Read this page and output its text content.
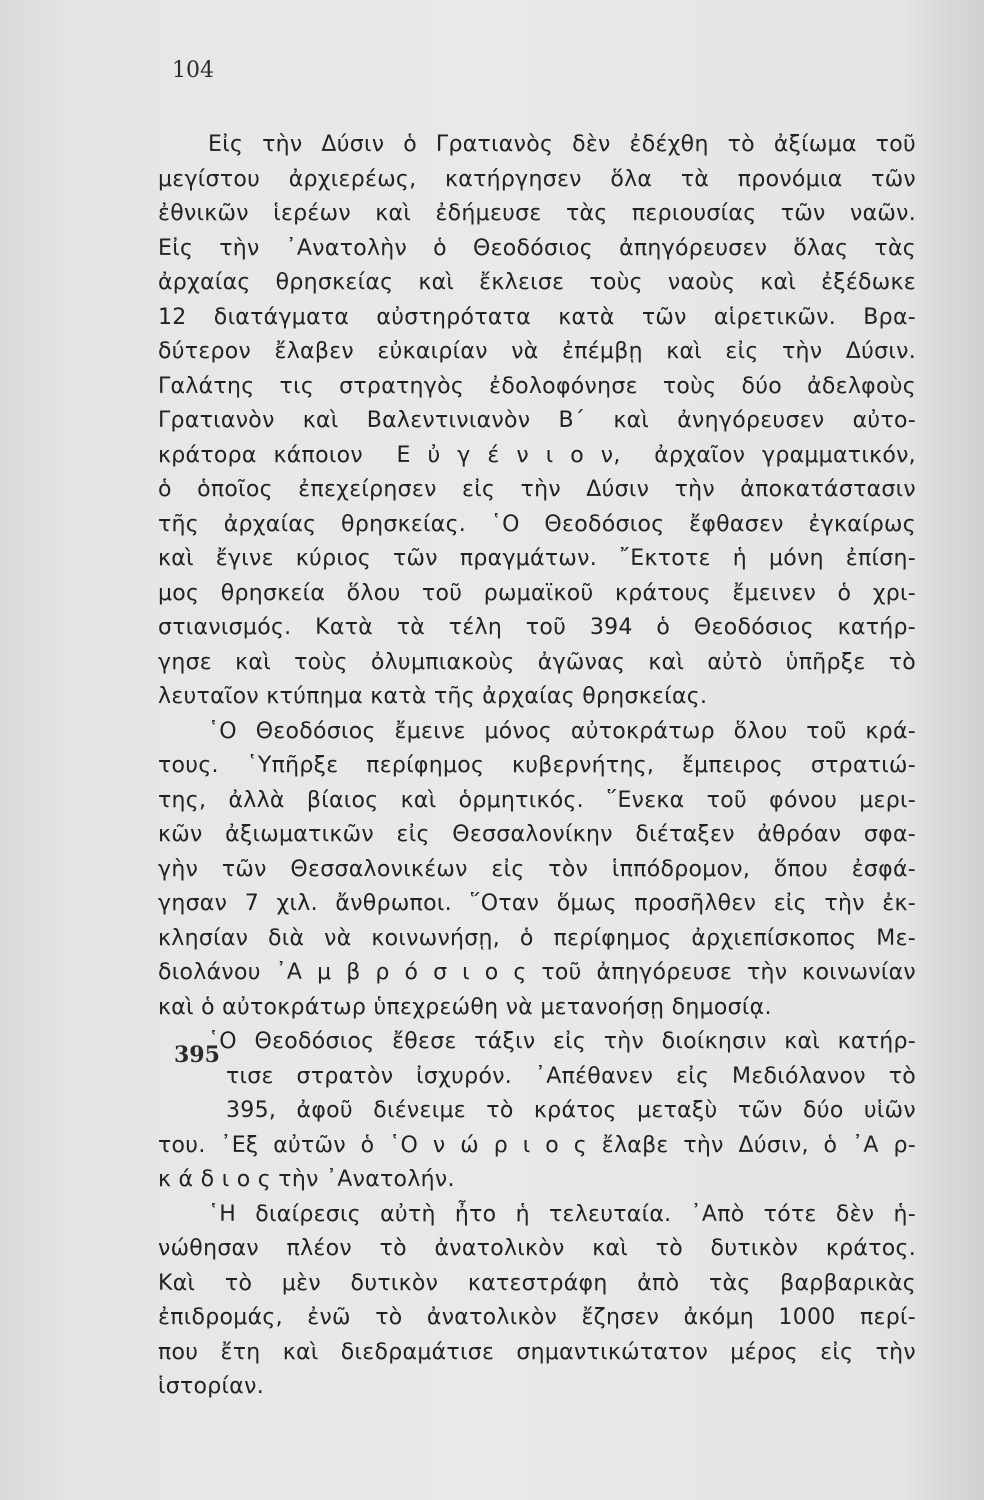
104
395
Εἰς τὴν Δύσιν ὁ Γρατιανὸς δὲν ἐδέχθη τὸ ἀξίωμα τοῦ
μεγίστου ἀρχιερέως, κατήργησεν ὅλα τὰ προνόμια τῶν
ἐθνικῶν ἱερέων καὶ ἐδήμευσε τὰς περιουσίας τῶν ναῶν.
Εἰς τὴν ᾿Ανατολὴν ὁ Θεοδόσιος ἀπηγόρευσεν ὅλας τὰς
ἀρχαίας θρησκείας καὶ ἔκλεισε τοὺς ναοὺς καὶ ἐξέδωκε
12 διατάγματα αὐστηρότατα κατὰ τῶν αἱρετικῶν. Βρα-
δύτερον ἔλαβεν εὐκαιρίαν νὰ ἐπέμβῃ καὶ εἰς τὴν Δύσιν.
Γαλάτης τις στρατηγὸς ἐδολοφόνησε τοὺς δύο ἀδελφοὺς
Γρατιανὸν καὶ Βαλεντινιανὸν Β΄ καὶ ἀνηγόρευσεν αὐτο-
κράτορα κάποιον Ε ὐ γ έ ν ι ο ν, ἀρχαῖον γραμματικόν,
ὁ ὁποῖος ἐπεχείρησεν εἰς τὴν Δύσιν τὴν ἀποκατάστασιν
τῆς ἀρχαίας θρησκείας. ῾Ο Θεοδόσιος ἔφθασεν ἐγκαίρως
καὶ ἔγινε κύριος τῶν πραγμάτων. ῎Εκτοτε ἡ μόνη ἐπίση-
μος θρησκεία ὅλου τοῦ ρωμαϊκοῦ κράτους ἔμεινεν ὁ χρι-
στιανισμός. Κατὰ τὰ τέλη τοῦ 394 ὁ Θεοδόσιος κατήρ-
γησε καὶ τοὺς ὀλυμπιακοὺς ἀγῶνας καὶ αὐτὸ ὑπῆρξε τὸ
λευταῖον κτύπημα κατὰ τῆς ἀρχαίας θρησκείας.
῾Ο Θεοδόσιος ἔμεινε μόνος αὐτοκράτωρ ὅλου τοῦ κρά-
τους. ῾Υπῆρξε περίφημος κυβερνήτης, ἔμπειρος στρατιώ-
της, ἀλλὰ βίαιος καὶ ὁρμητικός. ῞Ενεκα τοῦ φόνου μερι-
κῶν ἀξιωματικῶν εἰς Θεσσαλονίκην διέταξεν ἀθρόαν σφα-
γὴν τῶν Θεσσαλονικέων εἰς τὸν ἱππόδρομον, ὅπου ἐσφά-
γησαν 7 χιλ. ἄνθρωποι. ῞Οταν ὅμως προσῆλθεν εἰς τὴν ἐκ-
κλησίαν διὰ νὰ κοινωνήσῃ, ὁ περίφημος ἀρχιεπίσκοπος Με-
διολάνου ᾿Α μ β ρ ό σ ι ο ς τοῦ ἀπηγόρευσε τὴν κοινωνίαν
καὶ ὁ αὐτοκράτωρ ὑπεχρεώθη νὰ μετανοήσῃ δημοσίᾳ.
῾Ο Θεοδόσιος ἔθεσε τάξιν εἰς τὴν διοίκησιν καὶ κατήρ-
τισε στρατὸν ἰσχυρόν. ᾿Απέθανεν εἰς Μεδιόλανον τὸ
395, ἀφοῦ διένειμε τὸ κράτος μεταξὺ τῶν δύο υἱῶν
του. ᾿Εξ αὐτῶν ὁ ῾Ο ν ώ ρ ι ο ς ἔλαβε τὴν Δύσιν, ὁ ᾿Α ρ-
κ ά δ ι ο ς τὴν ᾿Ανατολήν.
῾Η διαίρεσις αὐτὴ ἦτο ἡ τελευταία. ᾿Απὸ τότε δὲν ἡ-
νώθησαν πλέον τὸ ἀνατολικὸν καὶ τὸ δυτικὸν κράτος.
Καὶ τὸ μὲν δυτικὸν κατεστράφη ἀπὸ τὰς βαρβαρικὰς
ἐπιδρομάς, ἐνῶ τὸ ἀνατολικὸν ἔζησεν ἀκόμη 1000 περί-
που ἔτη καὶ διεδραμάτισε σημαντικώτατον μέρος εἰς τὴν
ἱστορίαν.
